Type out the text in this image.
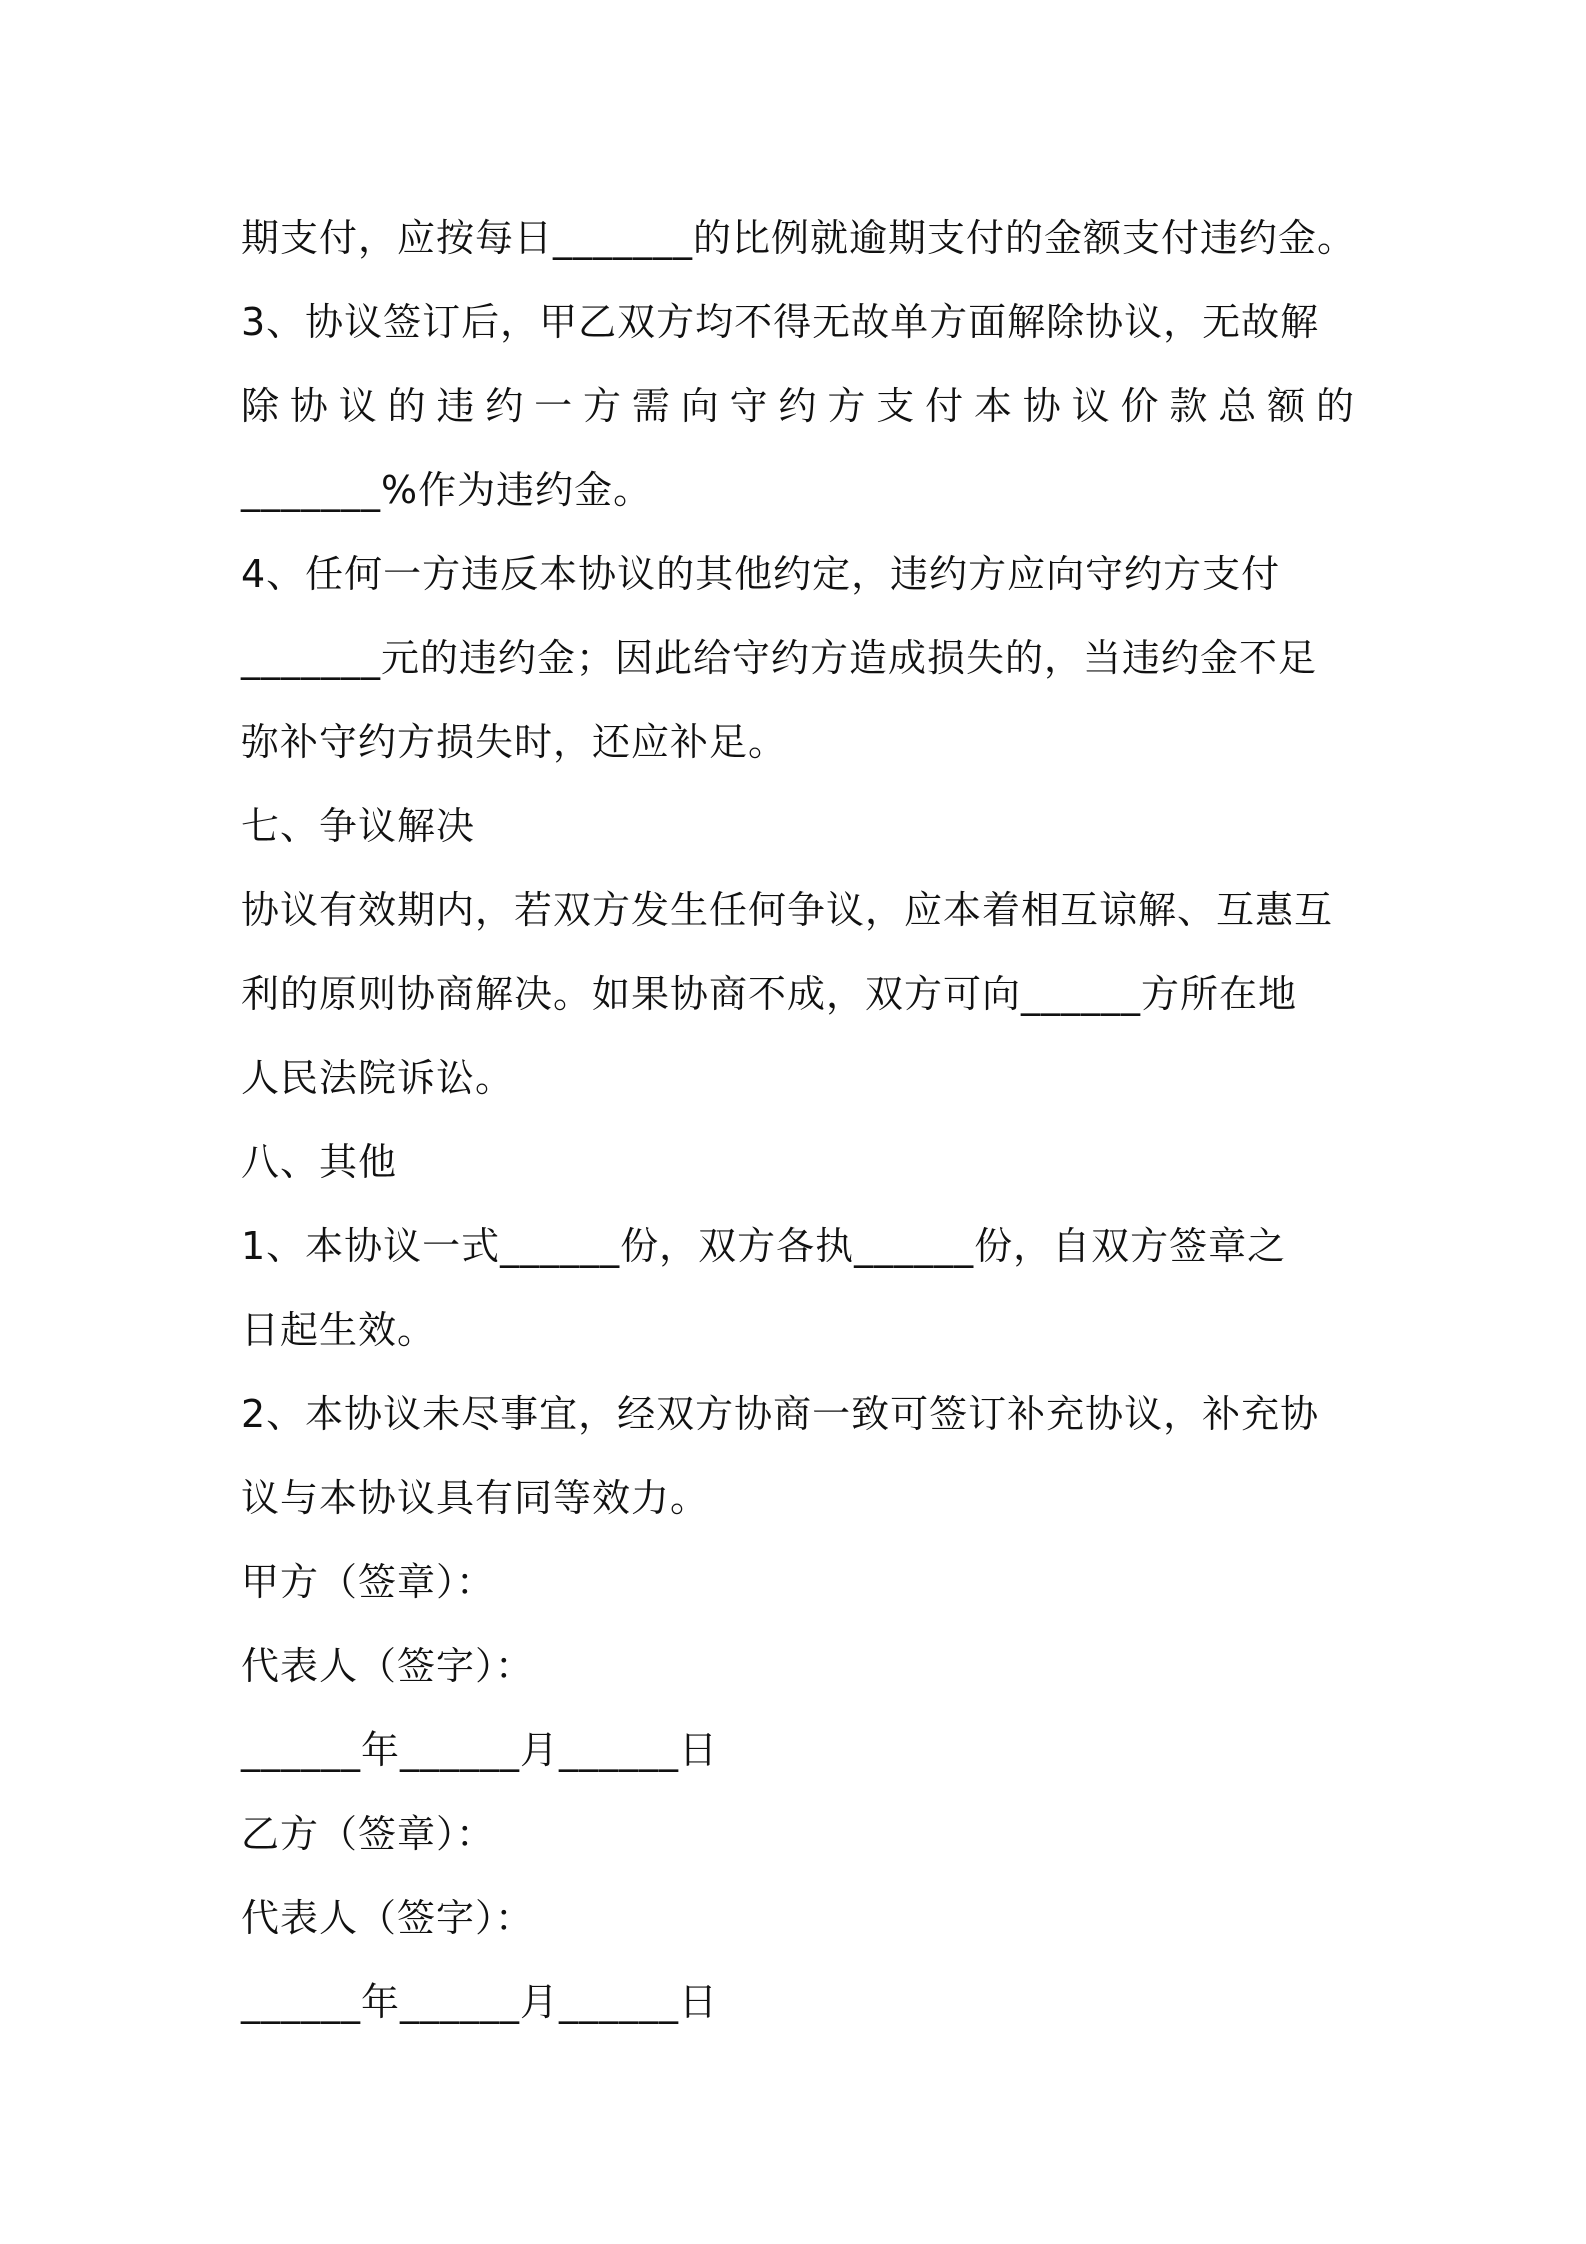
期支付，应按每日_______的比例就逾期支付的金额支付违约金。
3、协议签订后，甲乙双方均不得无故单方面解除协议，无故解
除协议的违约一方需向守约方支付本协议价款总额的
_______%作为违约金。
4、任何一方违反本协议的其他约定，违约方应向守约方支付
_______元的违约金；因此给守约方造成损失的，当违约金不足
弥补守约方损失时，还应补足。
七、争议解决
协议有效期内，若双方发生任何争议，应本着相互谅解、互惠互
利的原则协商解决。如果协商不成，双方可向______方所在地
人民法院诉讼。
八、其他
1、本协议一式______份，双方各执______份，自双方签章之
日起生效。
2、本协议未尽事宜，经双方协商一致可签订补充协议，补充协
议与本协议具有同等效力。
甲方（签章）：
代表人（签字）：
______年______月______日
乙方（签章）：
代表人（签字）：
______年______月______日
